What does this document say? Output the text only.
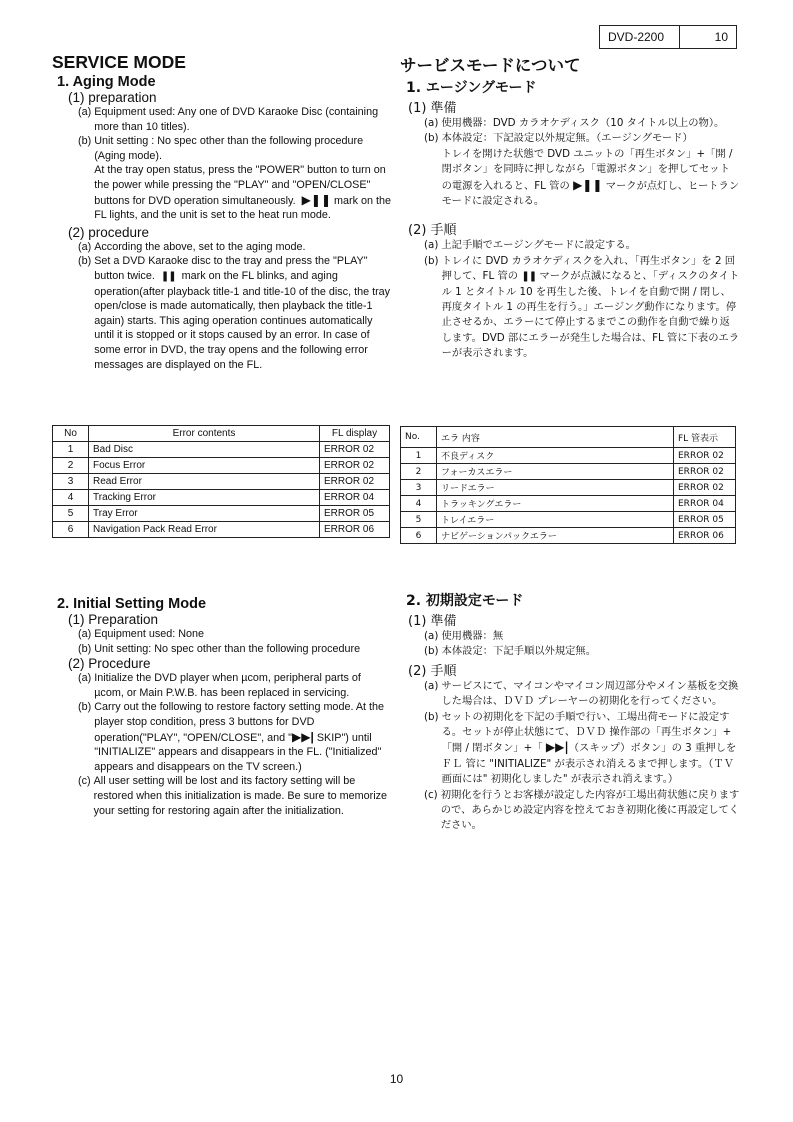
DVD-2200	10
SERVICE MODE
1. Aging Mode

(1) preparation

(a) Equipment used: Any one of DVD Karaoke Disc (containing more than 10 titles).
(b) Unit setting : No spec other than the following procedure (Aging mode).
At the tray open status, press the "POWER" button to turn on the power while pressing the "PLAY" and "OPEN/CLOSE" buttons for DVD operation simultaneously. ▶❚❚ mark on the FL lights, and the unit is set to the heat run mode.

(2) procedure

(a) According the above, set to the aging mode.
(b) Set a DVD Karaoke disc to the tray and press the "PLAY" button twice. ❚❚ mark on the FL blinks, and aging operation(after playback title-1 and title-10 of the disc, the tray open/close is made automatically, then playback the title-1 again) starts. This aging operation continues automatically until it is stopped or it stops caused by an error. In case of some error in DVD, the tray opens and the following error messages are displayed on the FL.
No	Error contents	FL display
1	Bad Disc	ERROR 02
2	Focus Error	ERROR 02
3	Read Error	ERROR 02
4	Tracking Error	ERROR 04
5	Tray Error	ERROR 05
6	Navigation Pack Read Error	ERROR 06
サービスモードについて
1. エージングモード

(1) 準備

(a) 使用機器：DVD カラオケディスク（10 タイトル以上の物）。
(b) 本体設定：下記設定以外規定無。（エージングモード）
トレイを開けた状態で DVD ユニットの「再生ボタン」+「開 / 閉ボタン」を同時に押しながら「電源ボタン」を押してセットの電源を入れると、FL 管の ▶❚❚ マークが点灯し、ヒートランモードに設定される。

(2) 手順

(a) 上記手順でエージングモードに設定する。
(b) トレイに DVD カラオケディスクを入れ、「再生ボタン」を 2 回押して、FL 管の ❚❚ マークが点滅になると、「ディスクのタイトル 1 とタイトル 10 を再生した後、トレイを自動で開 / 閉し、再度タイトル 1 の再生を行う。」エージング動作になります。停止させるか、エラーにて停止するまでこの動作を自動で繰り返します。DVD 部にエラーが発生した場合は、FL 管に下表のエラーが表示されます。
No.	エラ 内容	FL 管表示
1	不良ディスク	ERROR 02
2	フォーカスエラー	ERROR 02
3	リードエラー	ERROR 02
4	トラッキングエラー	ERROR 04
5	トレイエラー	ERROR 05
6	ナビゲーションパックエラー	ERROR 06
2. Initial Setting Mode

(1) Preparation

(a) Equipment used: None
(b) Unit setting: No spec other than the following procedure

(2) Procedure

(a) Initialize the DVD player when µcom, peripheral parts of µcom, or Main P.W.B. has been replaced in servicing.
(b) Carry out the following to restore factory setting mode. At the player stop condition, press 3 buttons for DVD operation("PLAY", "OPEN/CLOSE", and "▶▶| SKIP") until "INITIALIZE" appears and disappears in the FL. ("Initialized" appears and disappears on the TV screen.)
(c) All user setting will be lost and its factory setting will be restored when this initialization is made. Be sure to memorize your setting for restoring again after the initialization.
2. 初期設定モード

(1) 準備

(a) 使用機器：無
(b) 本体設定：下記手順以外規定無。

(2) 手順

(a) サービスにて、マイコンやマイコン周辺部分やメイン基板を交換した場合は、ＤＶＤ プレーヤーの初期化を行ってください。
(b) セットの初期化を下記の手順で行い、工場出荷モードに設定する。セットが停止状態にて、ＤＶＤ 操作部の「再生ボタン」+「開 / 閉ボタン」+「 ▶▶|（スキップ）ボタン」の 3 重押しを ＦＬ 管に "INITIALIZE" が表示され消えるまで押します。（ＴＶ 画面には" 初期化しました" が表示され消えます。）
(c) 初期化を行うとお客様が設定した内容が工場出荷状態に戻りますので、あらかじめ設定内容を控えておき初期化後に再設定してください。
10
